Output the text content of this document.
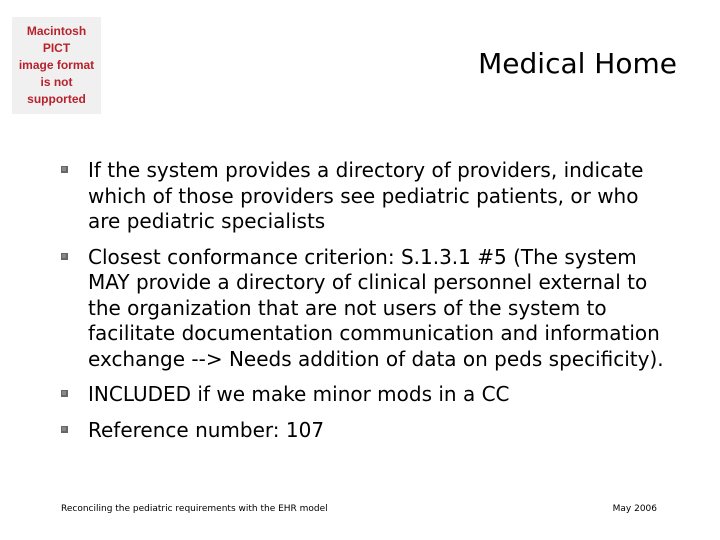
Macintosh PICT
image format
is not supported
Medical Home
If the system provides a directory of providers, indicate which of those providers see pediatric patients, or who are pediatric specialists
Closest conformance criterion: S.1.3.1 #5 (The system MAY provide a directory of clinical personnel external to the organization that are not users of the system to facilitate documentation communication and information exchange --> Needs addition of data on peds specificity).
INCLUDED if we make minor mods in a CC
Reference number: 107
Reconciling the pediatric requirements with the EHR model	May 2006
